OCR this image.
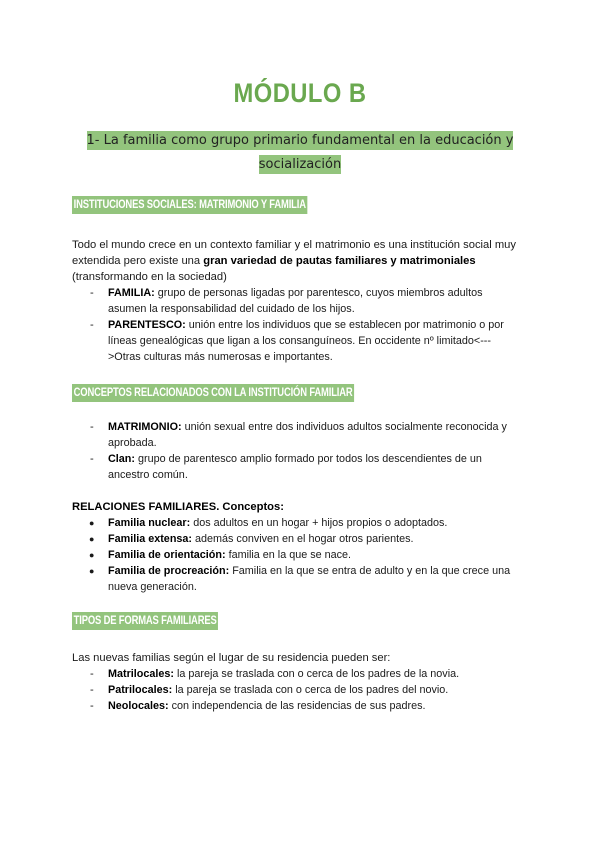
MÓDULO B
1- La familia como grupo primario fundamental en la educación y socialización
INSTITUCIONES SOCIALES: MATRIMONIO Y FAMILIA
Todo el mundo crece en un contexto familiar y el matrimonio es una institución social muy extendida pero existe una gran variedad de pautas familiares y matrimoniales (transformando en la sociedad)
- FAMILIA: grupo de personas ligadas por parentesco, cuyos miembros adultos asumen la responsabilidad del cuidado de los hijos.
- PARENTESCO: unión entre los individuos que se establecen por matrimonio o por líneas genealógicas que ligan a los consanguíneos. En occidente nº limitado<--->Otras culturas más numerosas e importantes.
CONCEPTOS RELACIONADOS CON LA INSTITUCIÓN FAMILIAR
- MATRIMONIO: unión sexual entre dos individuos adultos socialmente reconocida y aprobada.
- Clan: grupo de parentesco amplio formado por todos los descendientes de un ancestro común.
RELACIONES FAMILIARES. Conceptos:
● Familia nuclear: dos adultos en un hogar + hijos propios o adoptados.
● Familia extensa: además conviven en el hogar otros parientes.
● Familia de orientación: familia en la que se nace.
● Familia de procreación: Familia en la que se entra de adulto y en la que crece una nueva generación.
TIPOS DE FORMAS FAMILIARES
Las nuevas familias según el lugar de su residencia pueden ser:
- Matrilocales: la pareja se traslada con o cerca de los padres de la novia.
- Patrilocales: la pareja se traslada con o cerca de los padres del novio.
- Neolocales: con independencia de las residencias de sus padres.
